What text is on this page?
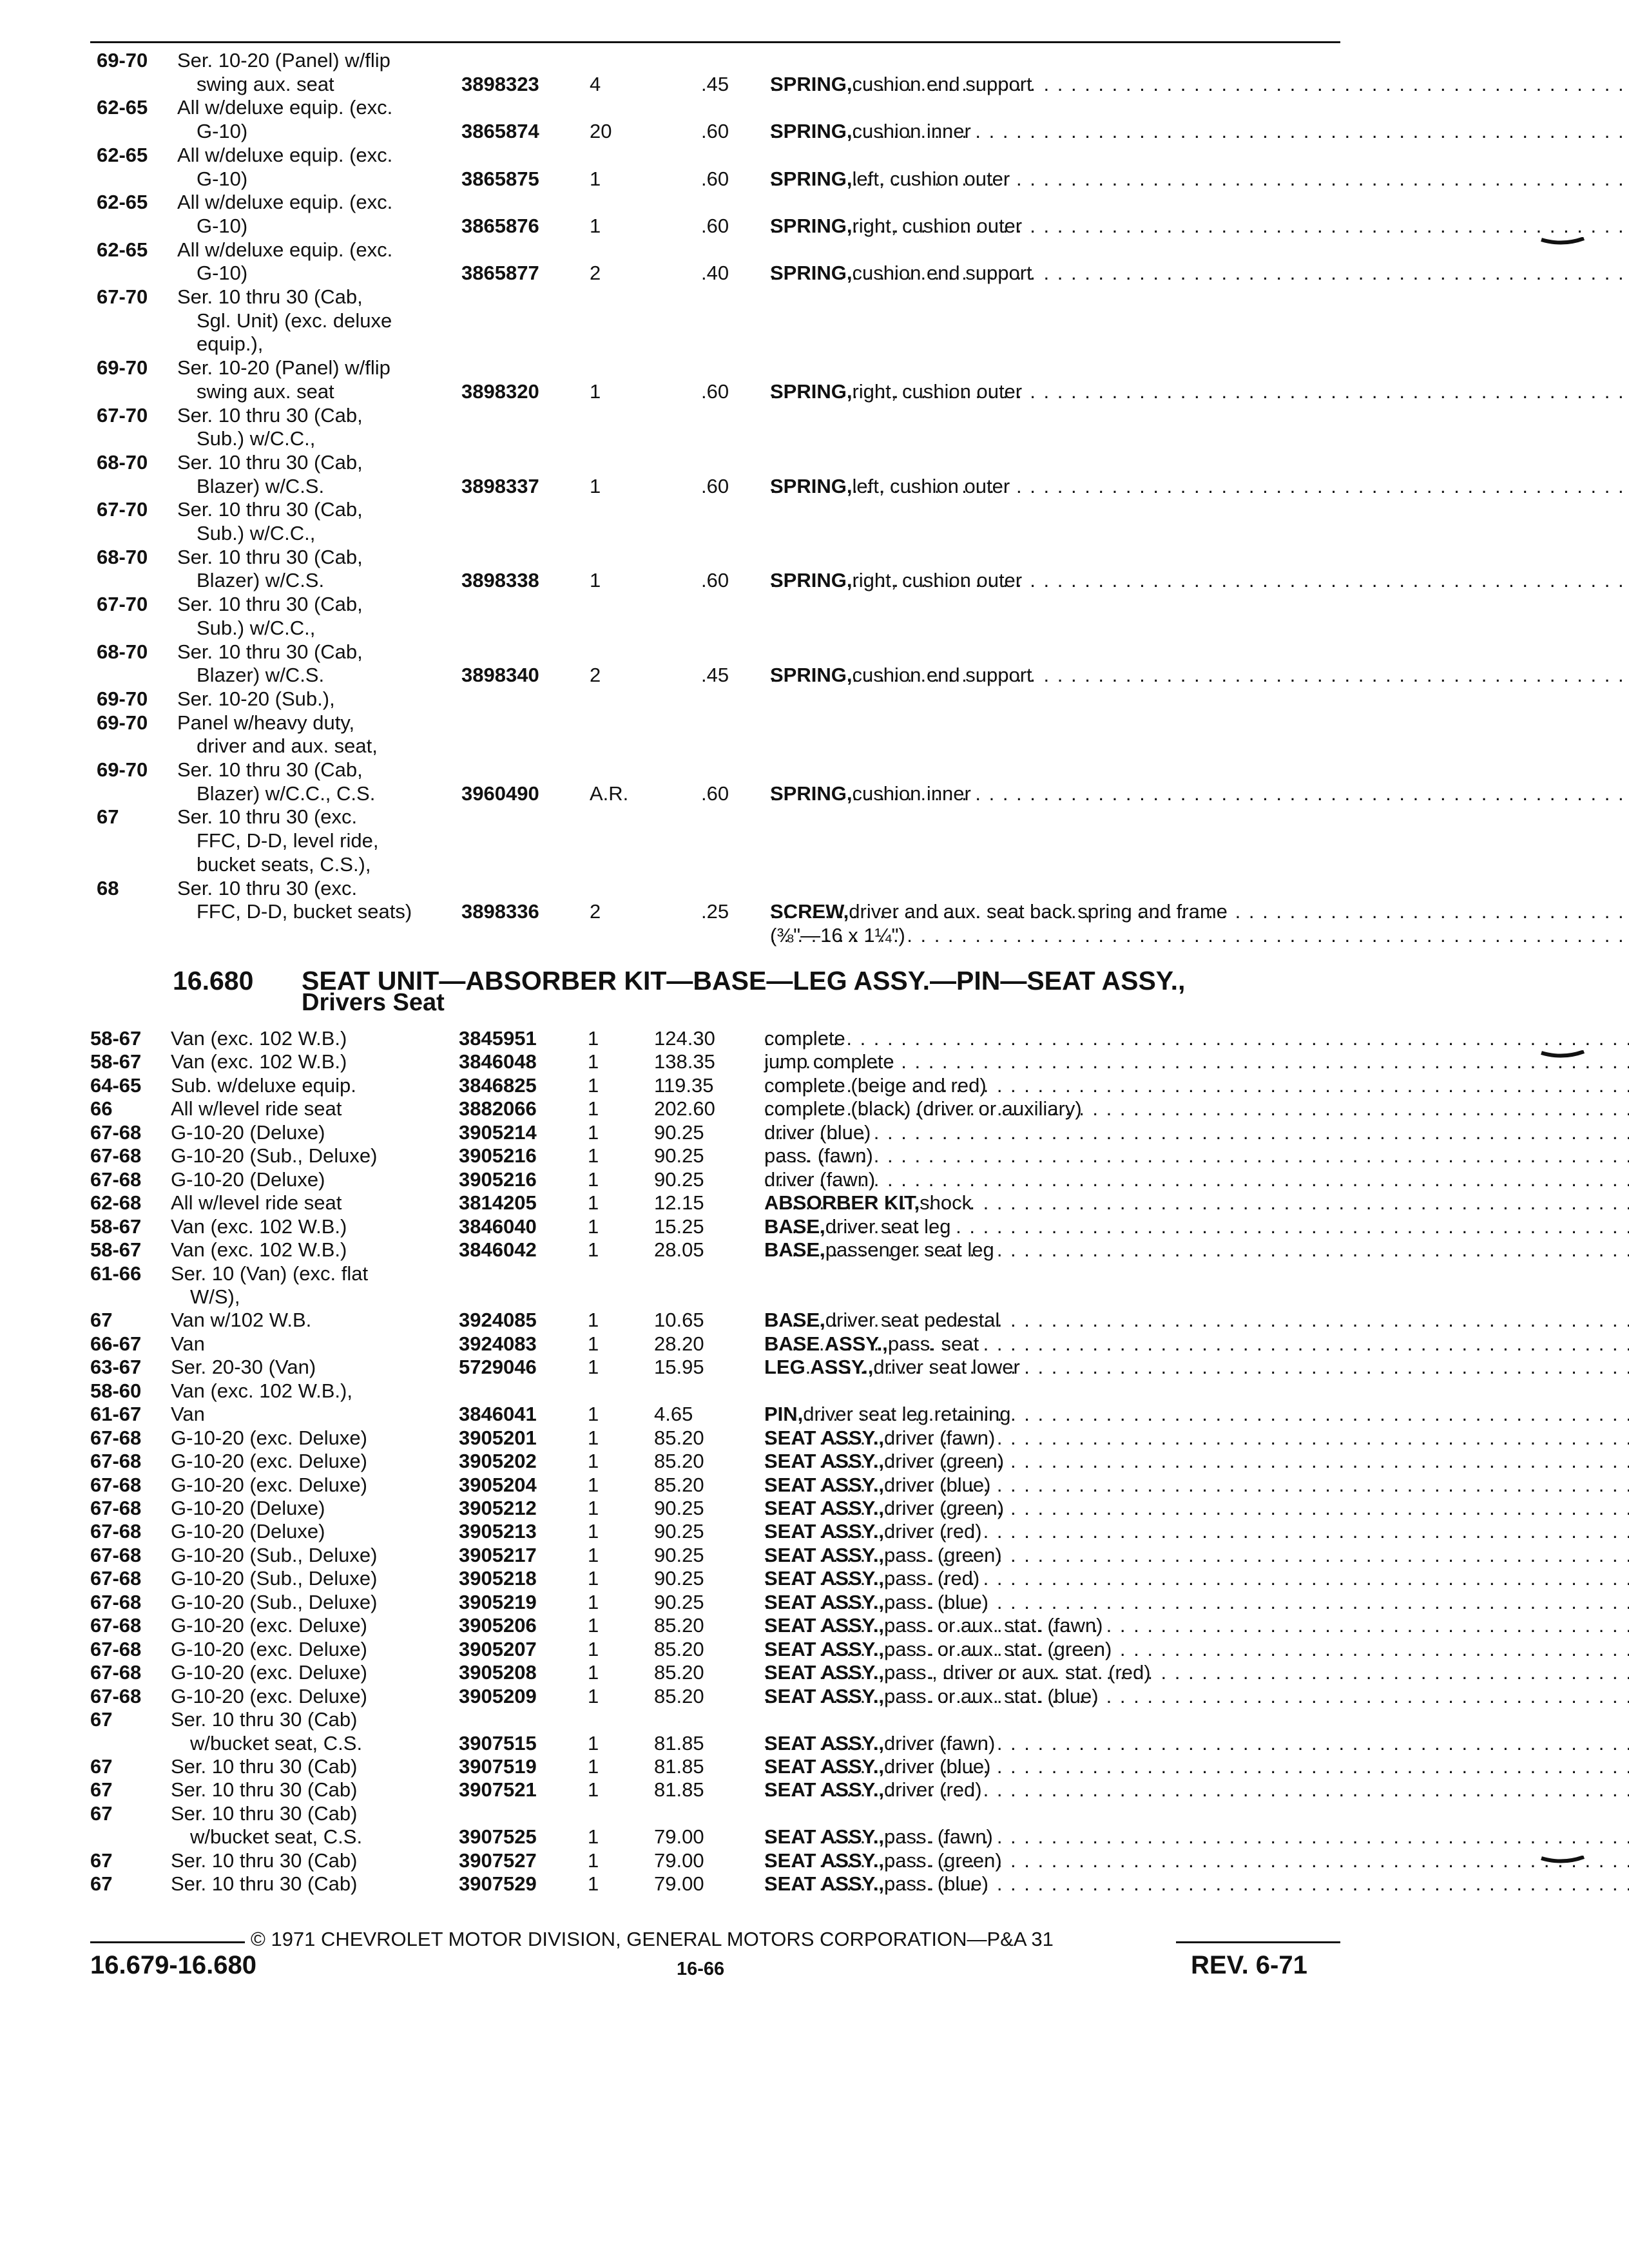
69-70 Ser. 10-20 (Panel) w/flip
swing aux. seat	3898323	4	.45 SPRING, cushion end support
. . .
62-65 All w/deluxe equip. (exc.
G-10)	3865874	20	.60 SPRING, cushion inner
. . .
62-65 All w/deluxe equip. (exc.
G-10)	3865875	1	.60 SPRING, left, cushion outer
. . .
62-65 All w/deluxe equip. (exc.
G-10)	3865876	1	.60 SPRING, right, cushion outer
. . .
62-65 All w/deluxe equip. (exc.
G-10)	3865877	2	.40 SPRING, cushion end support
. . .
67-70 Ser. 10 thru 30 (Cab,
Sgl. Unit) (exc. deluxe
equip.),
69-70 Ser. 10-20 (Panel) w/flip
swing aux. seat	3898320	1	.60 SPRING, right, cushion outer
. . .
67-70 Ser. 10 thru 30 (Cab,
Sub.) w/C.C.,
68-70 Ser. 10 thru 30 (Cab,
Blazer) w/C.S.	3898337	1	.60 SPRING, left, cushion outer
. . .
67-70 Ser. 10 thru 30 (Cab,
Sub.) w/C.C.,
68-70 Ser. 10 thru 30 (Cab,
Blazer) w/C.S.	3898338	1	.60 SPRING, right, cushion outer
. . .
67-70 Ser. 10 thru 30 (Cab,
Sub.) w/C.C.,
68-70 Ser. 10 thru 30 (Cab,
Blazer) w/C.S.	3898340	2	.45 SPRING, cushion end support
. . .
69-70 Ser. 10-20 (Sub.),
69-70 Panel w/heavy duty,
driver and aux. seat,
69-70 Ser. 10 thru 30 (Cab,
Blazer) w/C.C., C.S.	3960490	A.R.	.60 SPRING, cushion inner
. . .
67	Ser. 10 thru 30 (exc.
FFC, D-D, level ride,
bucket seats, C.S.),
68	Ser. 10 thru 30 (exc.
FFC, D-D, bucket seats) 3898336	2	.25 SCREW, driver and aux. seat back spring and frame
. . .
(⅜"—16 x 1¼")
. . .
16.680 SEAT UNIT—ABSORBER KIT—BASE—LEG ASSY.—PIN—SEAT ASSY.,
Drivers Seat
58-67 Van (exc. 102 W.B.)	3845951	1	124.30 complete
. . .
58-67 Van (exc. 102 W.B.)	3846048	1	138.35 jump complete
. . .
64-65 Sub. w/deluxe equip.	3846825	1	119.35	complete (beige and red)
. . .
66	All w/level ride seat	3882066	1	202.60 complete (black) (driver or auxiliary)
. . .
67-68 G-10-20 (Deluxe)	3905214	1	90.25	driver (blue)
. . .
67-68 G-10-20 (Sub., Deluxe)	3905216	1	90.25	pass. (fawn)
. . .
67-68 G-10-20 (Deluxe)	3905216	1	90.25	driver (fawn)
. . .
62-68 All w/level ride seat	3814205	1	12.15	ABSORBER KIT, shock
. . .
58-67 Van (exc. 102 W.B.)	3846040	1	15.25	BASE, driver seat leg
. . .
58-67 Van (exc. 102 W.B.)	3846042	1	28.05	BASE, passenger seat leg
. . .
61-66 Ser. 10 (Van) (exc. flat
W/S),
67	Van w/102 W.B.	3924085	1	10.65	BASE, driver seat pedestal
. . .
66-67 Van	3924083	1	28.20	BASE ASSY., pass. seat
. . .
63-67 Ser. 20-30 (Van)	5729046	1	15.95	LEG ASSY., driver seat lower
. . .
58-60 Van (exc. 102 W.B.),
61-67 Van	3846041	1	4.65	PIN, driver seat leg retaining
. . .
67-68 G-10-20 (exc. Deluxe)	3905201	1	85.20	SEAT ASSY., driver (fawn)
. . .
67-68 G-10-20 (exc. Deluxe)	3905202	1	85.20	SEAT ASSY., driver (green)
. . .
67-68 G-10-20 (exc. Deluxe)	3905204	1	85.20	SEAT ASSY., driver (blue)
. . .
67-68 G-10-20 (Deluxe)	3905212	1	90.25	SEAT ASSY., driver (green)
. . .
67-68 G-10-20 (Deluxe)	3905213	1	90.25	SEAT ASSY., driver (red)
. . .
67-68 G-10-20 (Sub., Deluxe)	3905217	1	90.25	SEAT ASSY., pass. (green)
. . .
67-68 G-10-20 (Sub., Deluxe)	3905218	1	90.25	SEAT ASSY., pass. (red)
. . .
67-68 G-10-20 (Sub., Deluxe)	3905219	1	90.25	SEAT ASSY., pass. (blue)
. . .
67-68 G-10-20 (exc. Deluxe)	3905206	1	85.20	SEAT ASSY., pass. or aux. stat. (fawn)
. . .
67-68 G-10-20 (exc. Deluxe)	3905207	1	85.20	SEAT ASSY., pass. or aux. stat. (green)
. . .
67-68 G-10-20 (exc. Deluxe)	3905208	1	85.20	SEAT ASSY., pass., driver or aux. stat. (red)
. . .
67-68 G-10-20 (exc. Deluxe)	3905209	1	85.20	SEAT ASSY., pass. or aux. stat. (blue)
. . .
67	Ser. 10 thru 30 (Cab)
w/bucket seat, C.S.	3907515	1	81.85	SEAT ASSY., driver (fawn)
. . .
67	Ser. 10 thru 30 (Cab)	3907519	1	81.85	SEAT ASSY., driver (blue)
. . .
67	Ser. 10 thru 30 (Cab)	3907521	1	81.85	SEAT ASSY., driver (red)
. . .
67	Ser. 10 thru 30 (Cab)
w/bucket seat, C.S.	3907525	1	79.00	SEAT ASSY., pass. (fawn)
. . .
67	Ser. 10 thru 30 (Cab)	3907527	1	79.00	SEAT ASSY., pass. (green)
. . .
67	Ser. 10 thru 30 (Cab)	3907529	1	79.00	SEAT ASSY., pass. (blue)
. . .
© 1971 CHEVROLET MOTOR DIVISION, GENERAL MOTORS CORPORATION—P&A 31
16.679-16.680	16-66	REV. 6-71
